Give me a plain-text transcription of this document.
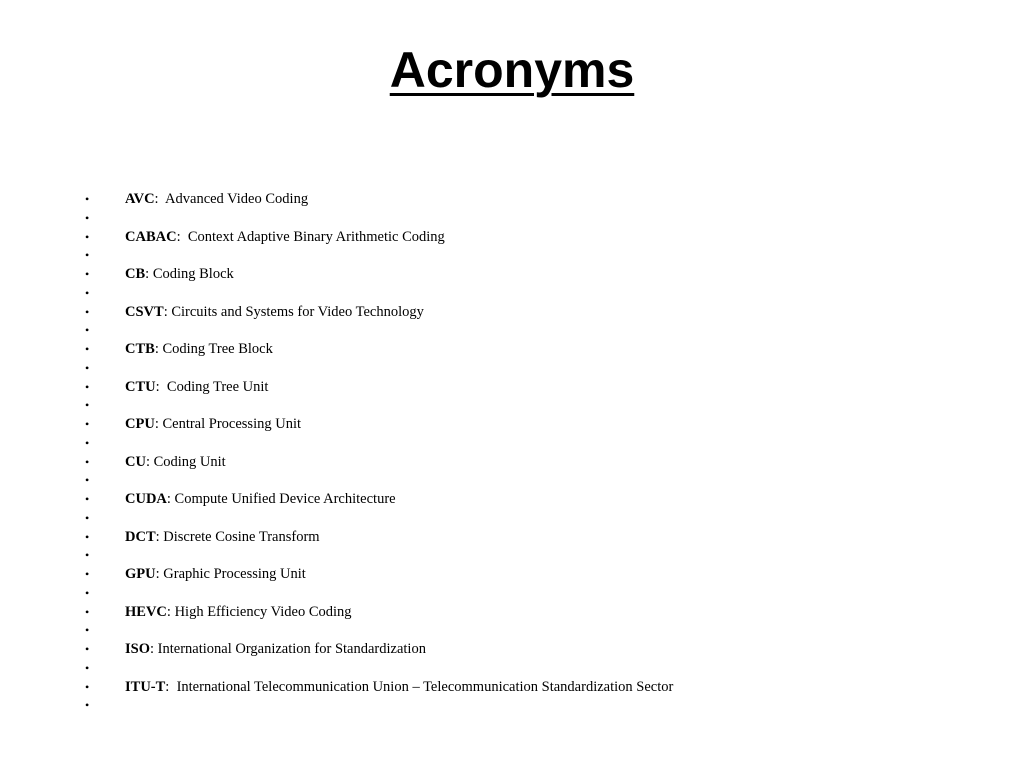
Acronyms
• AVC:  Advanced Video Coding
•
• CABAC:  Context Adaptive Binary Arithmetic Coding
•
• CB: Coding Block
•
• CSVT: Circuits and Systems for Video Technology
•
• CTB: Coding Tree Block
•
• CTU:  Coding Tree Unit
•
• CPU: Central Processing Unit
•
• CU: Coding Unit
•
• CUDA: Compute Unified Device Architecture
•
• DCT: Discrete Cosine Transform
•
• GPU: Graphic Processing Unit
•
• HEVC: High Efficiency Video Coding
•
• ISO: International Organization for Standardization
•
• ITU-T:  International Telecommunication Union – Telecommunication Standardization Sector
•
